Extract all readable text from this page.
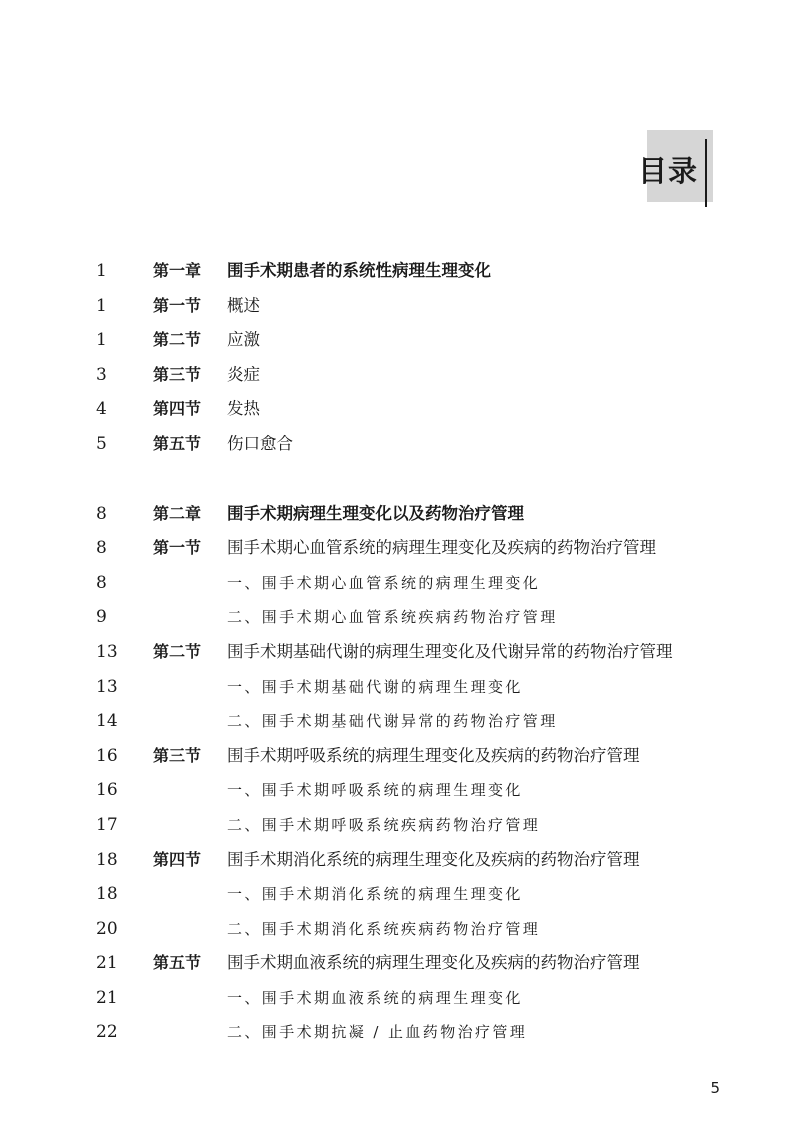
目录
1	第一章 围手术期患者的系统性病理生理变化
1	第一节 概述
1	第二节 应激
3	第三节 炎症
4	第四节 发热
5	第五节 伤口愈合
8	第二章 围手术期病理生理变化以及药物治疗管理
8	第一节 围手术期心血管系统的病理生理变化及疾病的药物治疗管理
8	一、围手术期心血管系统的病理生理变化
9	二、围手术期心血管系统疾病药物治疗管理
13	第二节 围手术期基础代谢的病理生理变化及代谢异常的药物治疗管理
13	一、围手术期基础代谢的病理生理变化
14	二、围手术期基础代谢异常的药物治疗管理
16	第三节 围手术期呼吸系统的病理生理变化及疾病的药物治疗管理
16	一、围手术期呼吸系统的病理生理变化
17	二、围手术期呼吸系统疾病药物治疗管理
18	第四节 围手术期消化系统的病理生理变化及疾病的药物治疗管理
18	一、围手术期消化系统的病理生理变化
20	二、围手术期消化系统疾病药物治疗管理
21	第五节 围手术期血液系统的病理生理变化及疾病的药物治疗管理
21	一、围手术期血液系统的病理生理变化
22	二、围手术期抗凝 / 止血药物治疗管理
5
